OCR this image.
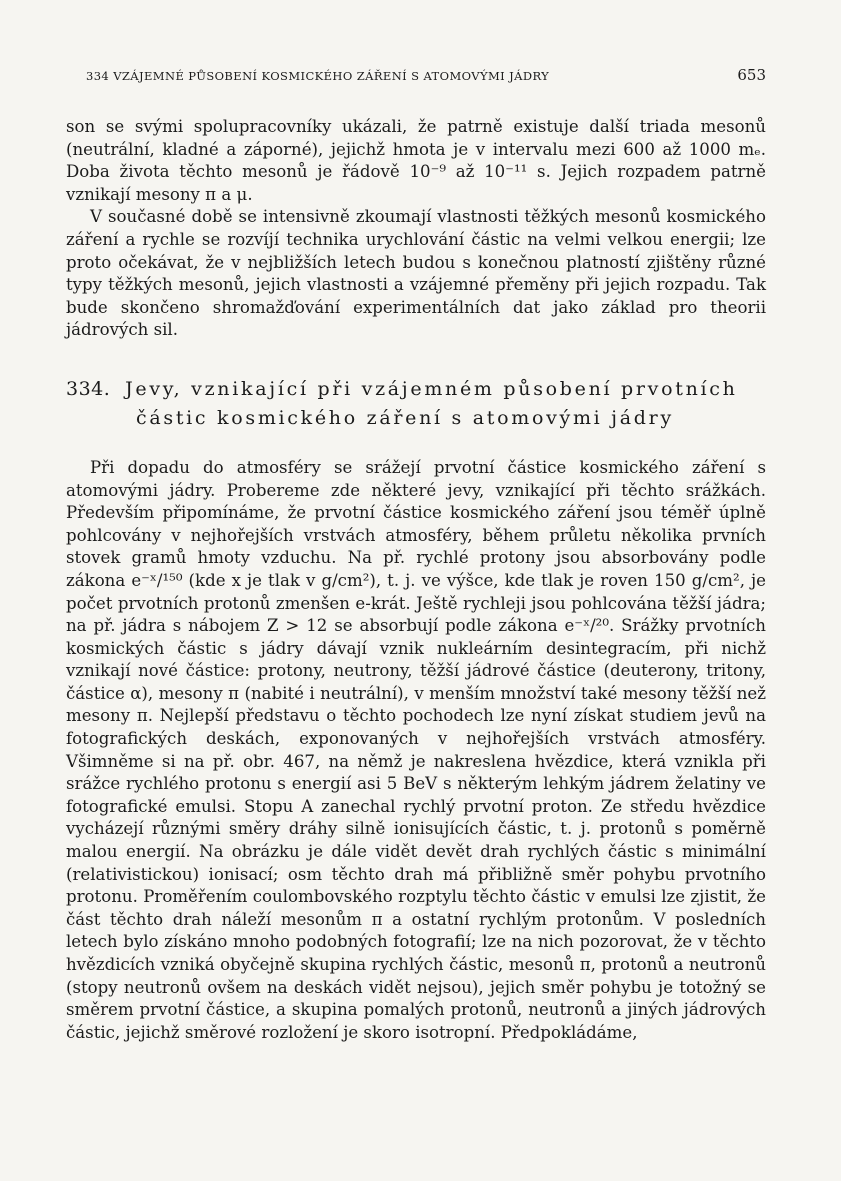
334 VZÁJEMNÉ PŮSOBENÍ KOSMICKÉHO ZÁŘENÍ S ATOMOVÝMI JÁDRY	653

son se svými spolupracovníky ukázali, že patrně existuje další triada mesonů (neutrální, kladné a záporné), jejichž hmota je v intervalu mezi 600 až 1000 mₑ. Doba života těchto mesonů je řádově 10⁻⁹ až 10⁻¹¹ s. Jejich rozpadem patrně vznikají mesony π a μ.

V současné době se intensivně zkoumají vlastnosti těžkých mesonů kosmického záření a rychle se rozvíjí technika urychlování částic na velmi velkou energii; lze proto očekávat, že v nejbližších letech budou s konečnou platností zjištěny různé typy těžkých mesonů, jejich vlastnosti a vzájemné přeměny při jejich rozpadu. Tak bude skončeno shromažďování experimentálních dat jako základ pro theorii jádrových sil.

334. Jevy, vznikající při vzájemném působení prvotních
částic kosmického záření s atomovými jádry

Při dopadu do atmosféry se srážejí prvotní částice kosmického záření s atomovými jádry. Probereme zde některé jevy, vznikající při těchto srážkách. Především připomínáme, že prvotní částice kosmického záření jsou téměř úplně pohlcovány v nejhořejších vrstvách atmosféry, během průletu několika prvních stovek gramů hmoty vzduchu. Na př. rychlé protony jsou absorbovány podle zákona e⁻ˣ/¹⁵⁰ (kde x je tlak v g/cm²), t. j. ve výšce, kde tlak je roven 150 g/cm², je počet prvotních protonů zmenšen e-krát. Ještě rychleji jsou pohlcována těžší jádra; na př. jádra s nábojem Z > 12 se absorbují podle zákona e⁻ˣ/²⁰. Srážky prvotních kosmických částic s jádry dávají vznik nukleárním desintegracím, při nichž vznikají nové částice: protony, neutrony, těžší jádrové částice (deuterony, tritony, částice α), mesony π (nabité i neutrální), v menším množství také mesony těžší než mesony π. Nejlepší představu o těchto pochodech lze nyní získat studiem jevů na fotografických deskách, exponovaných v nejhořejších vrstvách atmosféry. Všimněme si na př. obr. 467, na němž je nakreslena hvězdice, která vznikla při srážce rychlého protonu s energií asi 5 BeV s některým lehkým jádrem želatiny ve fotografické emulsi. Stopu A zanechal rychlý prvotní proton. Ze středu hvězdice vycházejí různými směry dráhy silně ionisujících částic, t. j. protonů s poměrně malou energií. Na obrázku je dále vidět devět drah rychlých částic s minimální (relativistickou) ionisací; osm těchto drah má přibližně směr pohybu prvotního protonu. Proměřením coulombovského rozptylu těchto částic v emulsi lze zjistit, že část těchto drah náleží mesonům π a ostatní rychlým protonům. V posledních letech bylo získáno mnoho podobných fotografií; lze na nich pozorovat, že v těchto hvězdicích vzniká obyčejně skupina rychlých částic, mesonů π, protonů a neutronů (stopy neutronů ovšem na deskách vidět nejsou), jejich směr pohybu je totožný se směrem prvotní částice, a skupina pomalých protonů, neutronů a jiných jádrových částic, jejichž směrové rozložení je skoro isotropní. Předpokládáme,
